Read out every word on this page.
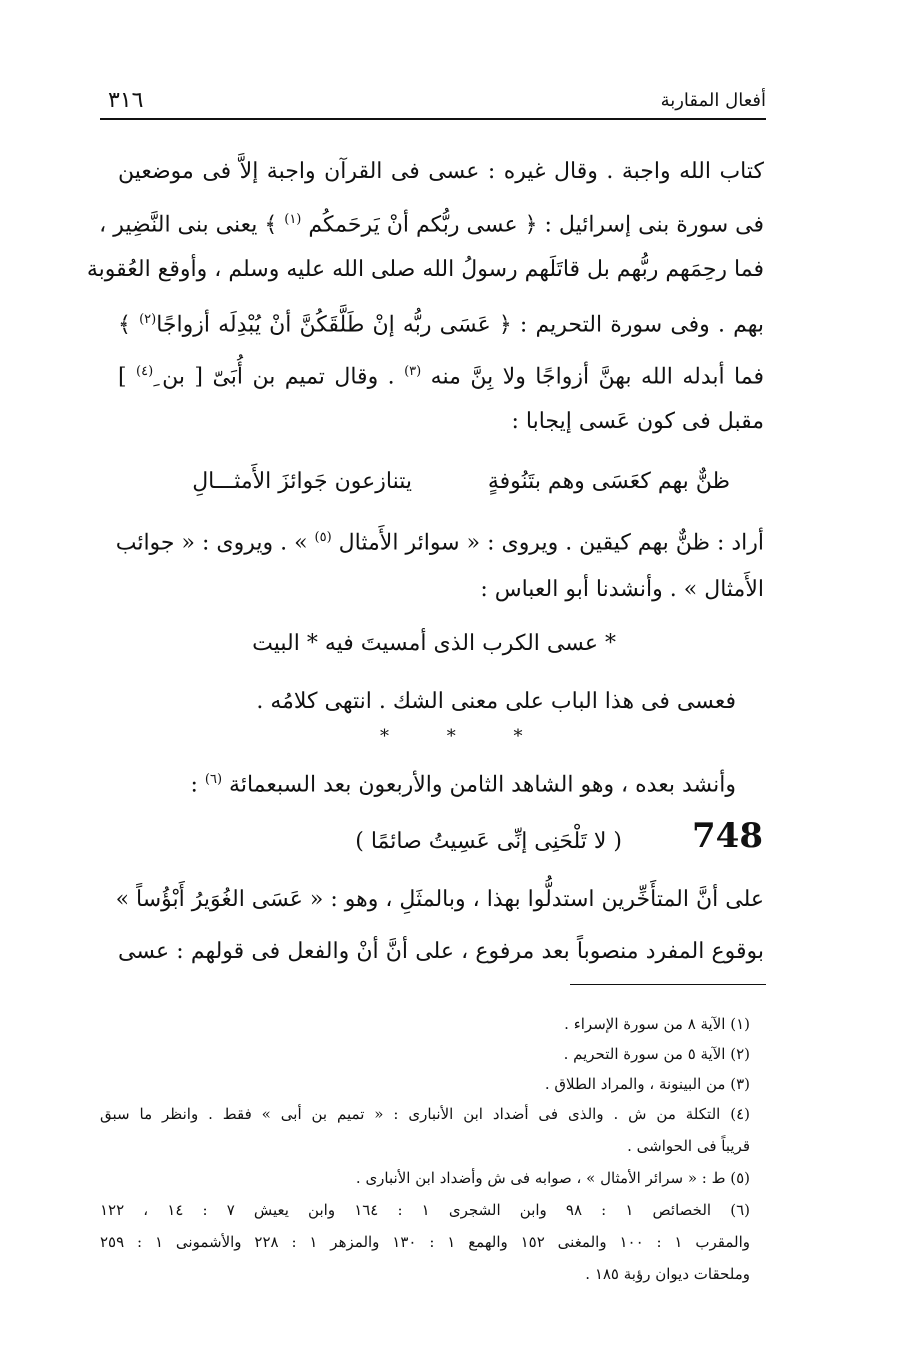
أفعال المقاربة
٣١٦
كتاب الله واجبة . وقال غيره : عسى فى القرآن واجبة إلاَّ فى موضعين
فى سورة بنى إسرائيل : ﴿ عسى ربُّكم أنْ يَرحَمكُم $^{(١)}$ ﴾ يعنى بنى النَّضِير ،
فما رحِمَهم ربُّهم بل قاتَلَهم رسولُ الله صلى الله عليه وسلم ، وأوقع العُقوبة
بهم . وفى سورة التحريم : ﴿ عَسَى ربُّه إنْ طَلَّقَكُنَّ أنْ يُبْدِلَه أزواجًا$^{(٢)}$ ﴾
فما أبدله الله بهنَّ أزواجًا ولا بِنَّ منه $^{(٣)}$ . وقال تميم بن أُبَىّ [ بن ِ$^{(٤)}$ ]
مقبل فى كون عَسى إيجابا :
ظنٌّ بهم كعَسَى وهم بتَنُوفةٍ
يتنازعون جَوائزَ الأَمثـــالِ
أراد : ظنٌّ بهم كيقين . ويروى : « سوائر الأَمثال $^{(٥)}$ » . ويروى : « جوائب
الأَمثال » . وأنشدنا أبو العباس :
* عسى الكرب الذى أمسيتَ فيه * البيت
فعسى فى هذا الباب على معنى الشك . انتهى كلامُه .
* * *
وأنشد بعده ، وهو الشاهد الثامن والأربعون بعد السبعمائة $^{(٦)}$ :
748
( لا تَلْحَنِى إنِّى عَسِيتُ صائمًا )
على أنَّ المتأَخِّرين استدلُّوا بهذا ، وبالمثَلِ ، وهو : « عَسَى الغُوَيرُ أَبْؤُساً »
بوقوع المفرد منصوباً بعد مرفوع ، على أنَّ أنْ والفعل فى قولهم : عسى
(١) الآية ٨ من سورة الإسراء .
(٢) الآية ٥ من سورة التحريم .
(٣) من البينونة ، والمراد الطلاق .
(٤) التكلة من ش . والذى فى أضداد ابن الأنبارى : « تميم بن أبى » فقط . وانظر ما سبق
قريباً فى الحواشى .
(٥) ط : « سرائر الأمثال » ، صوابه فى ش وأضداد ابن الأنبارى .
(٦) الخصائص ١ : ٩٨ وابن الشجرى ١ : ١٦٤ وابن يعيش ٧ : ١٤ ، ١٢٢
والمقرب ١ : ١٠٠ والمغنى ١٥٢ والهمع ١ : ١٣٠ والمزهر ١ : ٢٢٨ والأشمونى ١ : ٢٥٩
وملحقات ديوان رؤبة ١٨٥ .
